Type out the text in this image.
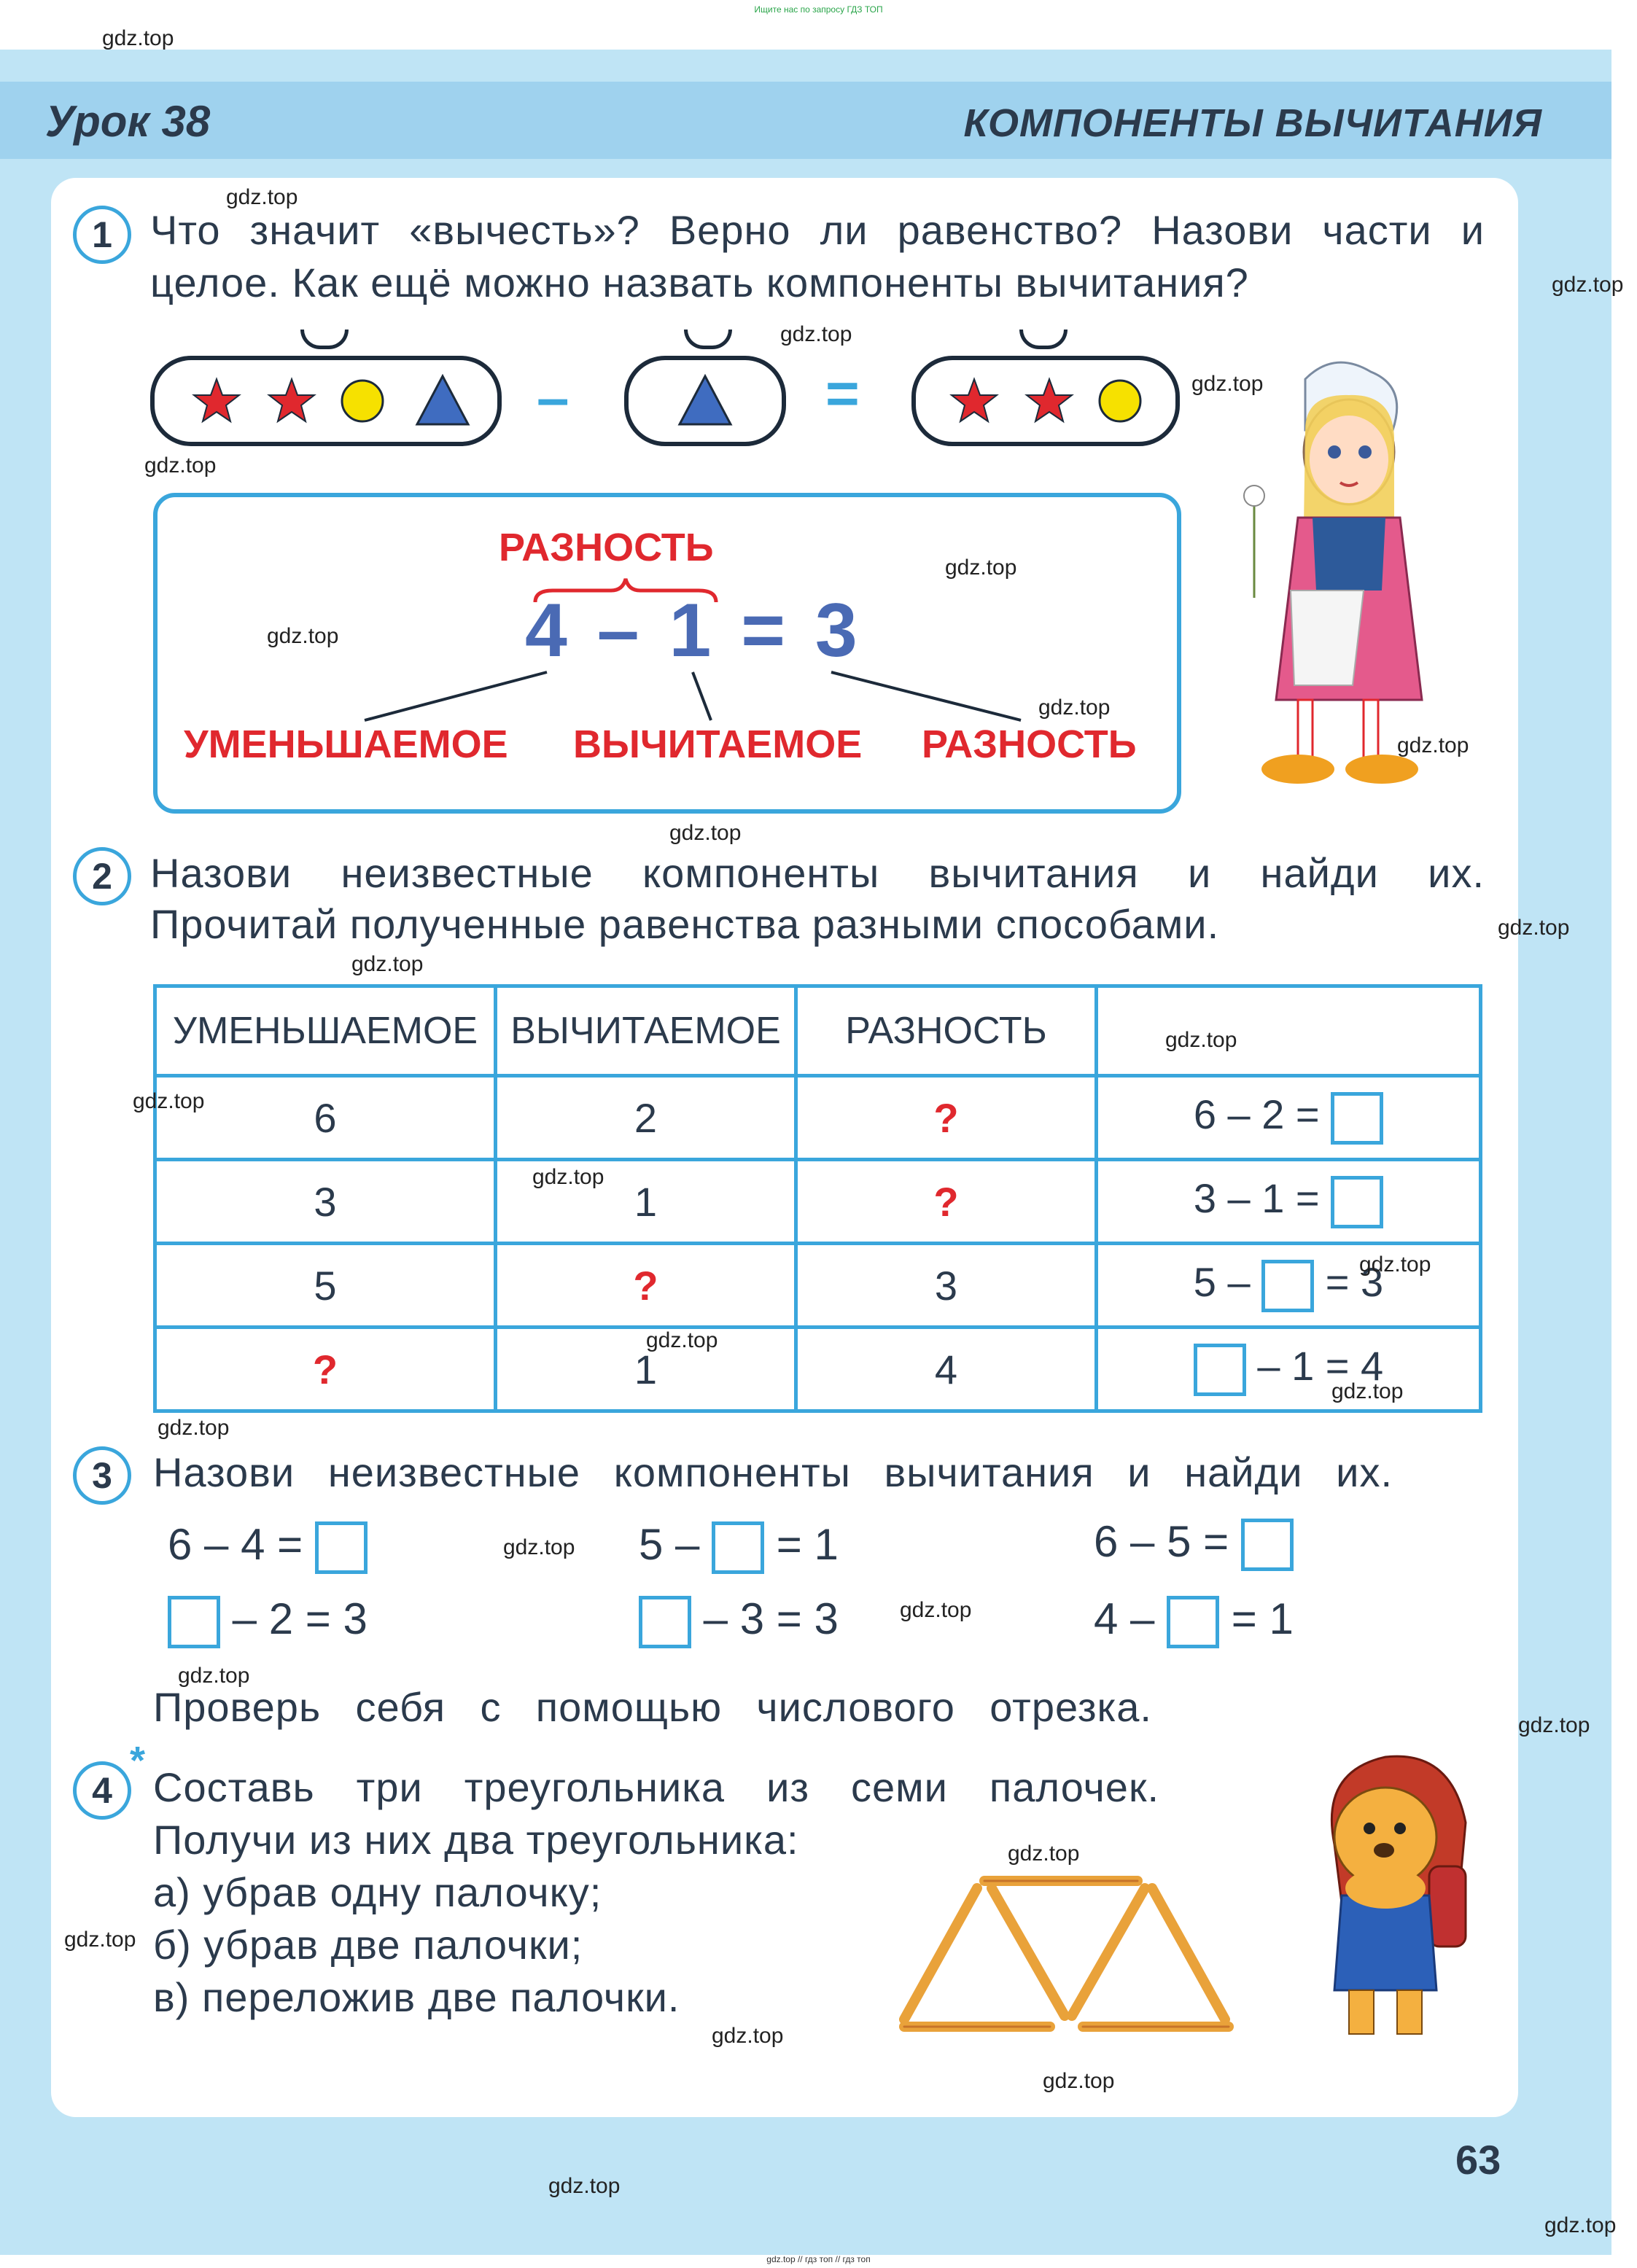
Ищите нас по запросу ГДЗ ТОП
Урок 38	КОМПОНЕНТЫ ВЫЧИТАНИЯ
1 Что значит «вычесть»? Верно ли равенство? Назови части и
целое. Как ещё можно назвать компоненты вычитания?
–	=
РАЗНОСТЬ
4 – 1 = 3
УМЕНЬШАЕМОЕ ВЫЧИТАЕМОЕ РАЗНОСТЬ
2 Назови неизвестные компоненты вычитания и найди их.
Прочитай полученные равенства разными способами.
УМЕНЬШАЕМОЕ	ВЫЧИТАЕМОЕ	РАЗНОСТЬ	
6	2	?	6 – 2 =
3	1	?	3 – 1 =
5	?	3	5 – = 3
?	1	4	– 1 = 4
3	Назови неизвестные компоненты вычитания и найди их.
6 – 4 =	5 – = 1	6 – 5 =
– 2 = 3	– 3 = 3	4 – = 1
Проверь себя с помощью числового отрезка.
4
*
Составь три треугольника из семи палочек.
Получи из них два треугольника:
а) убрав одну палочку;
б) убрав две палочки;
в) переложив две палочки.
63
gdz.top // гдз топ // гдз топ
gdz.top
gdz.top
gdz.top
gdz.top
gdz.top
gdz.top
gdz.top
gdz.top
gdz.top
gdz.top
gdz.top
gdz.top
gdz.top
gdz.top
gdz.top
gdz.top
gdz.top
gdz.top
gdz.top
gdz.top
gdz.top
gdz.top
gdz.top
gdz.top
gdz.top
gdz.top
gdz.top
gdz.top
gdz.top
gdz.top
